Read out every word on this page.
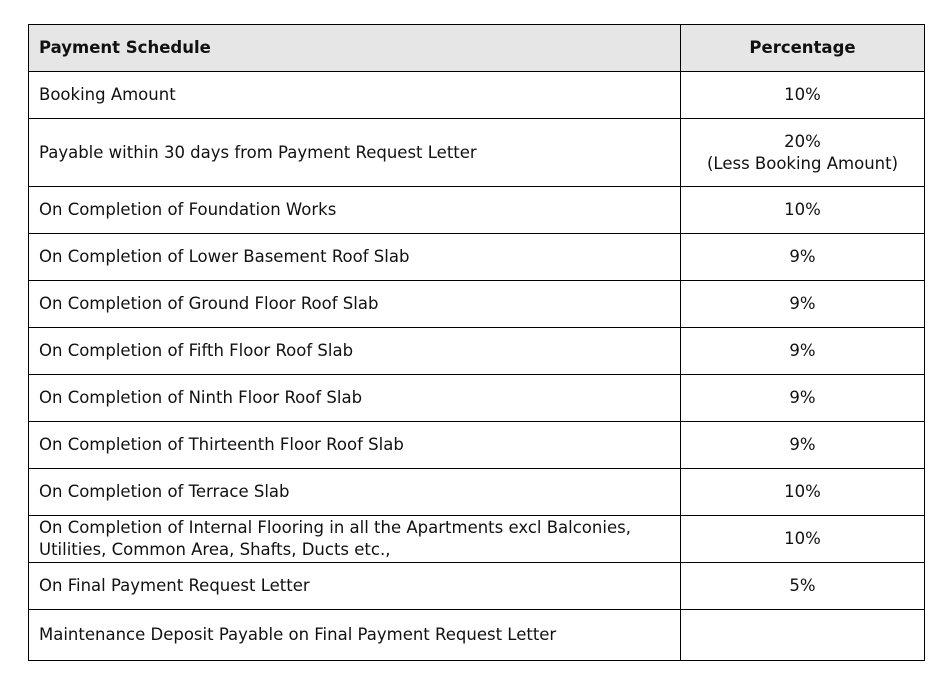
Payment Schedule	Percentage
Booking Amount	10%
Payable within 30 days from Payment Request Letter	20%
(Less Booking Amount)

On Completion of Foundation Works	10%
On Completion of Lower Basement Roof Slab	9%
On Completion of Ground Floor Roof Slab	9%
On Completion of Fifth Floor Roof Slab	9%
On Completion of Ninth Floor Roof Slab	9%
On Completion of Thirteenth Floor Roof Slab	9%
On Completion of Terrace Slab	10%
On Completion of Internal Flooring in all the Apartments excl Balconies, Utilities, Common Area, Shafts, Ducts etc.,	10%
On Final Payment Request Letter	5%
Maintenance Deposit Payable on Final Payment Request Letter	
